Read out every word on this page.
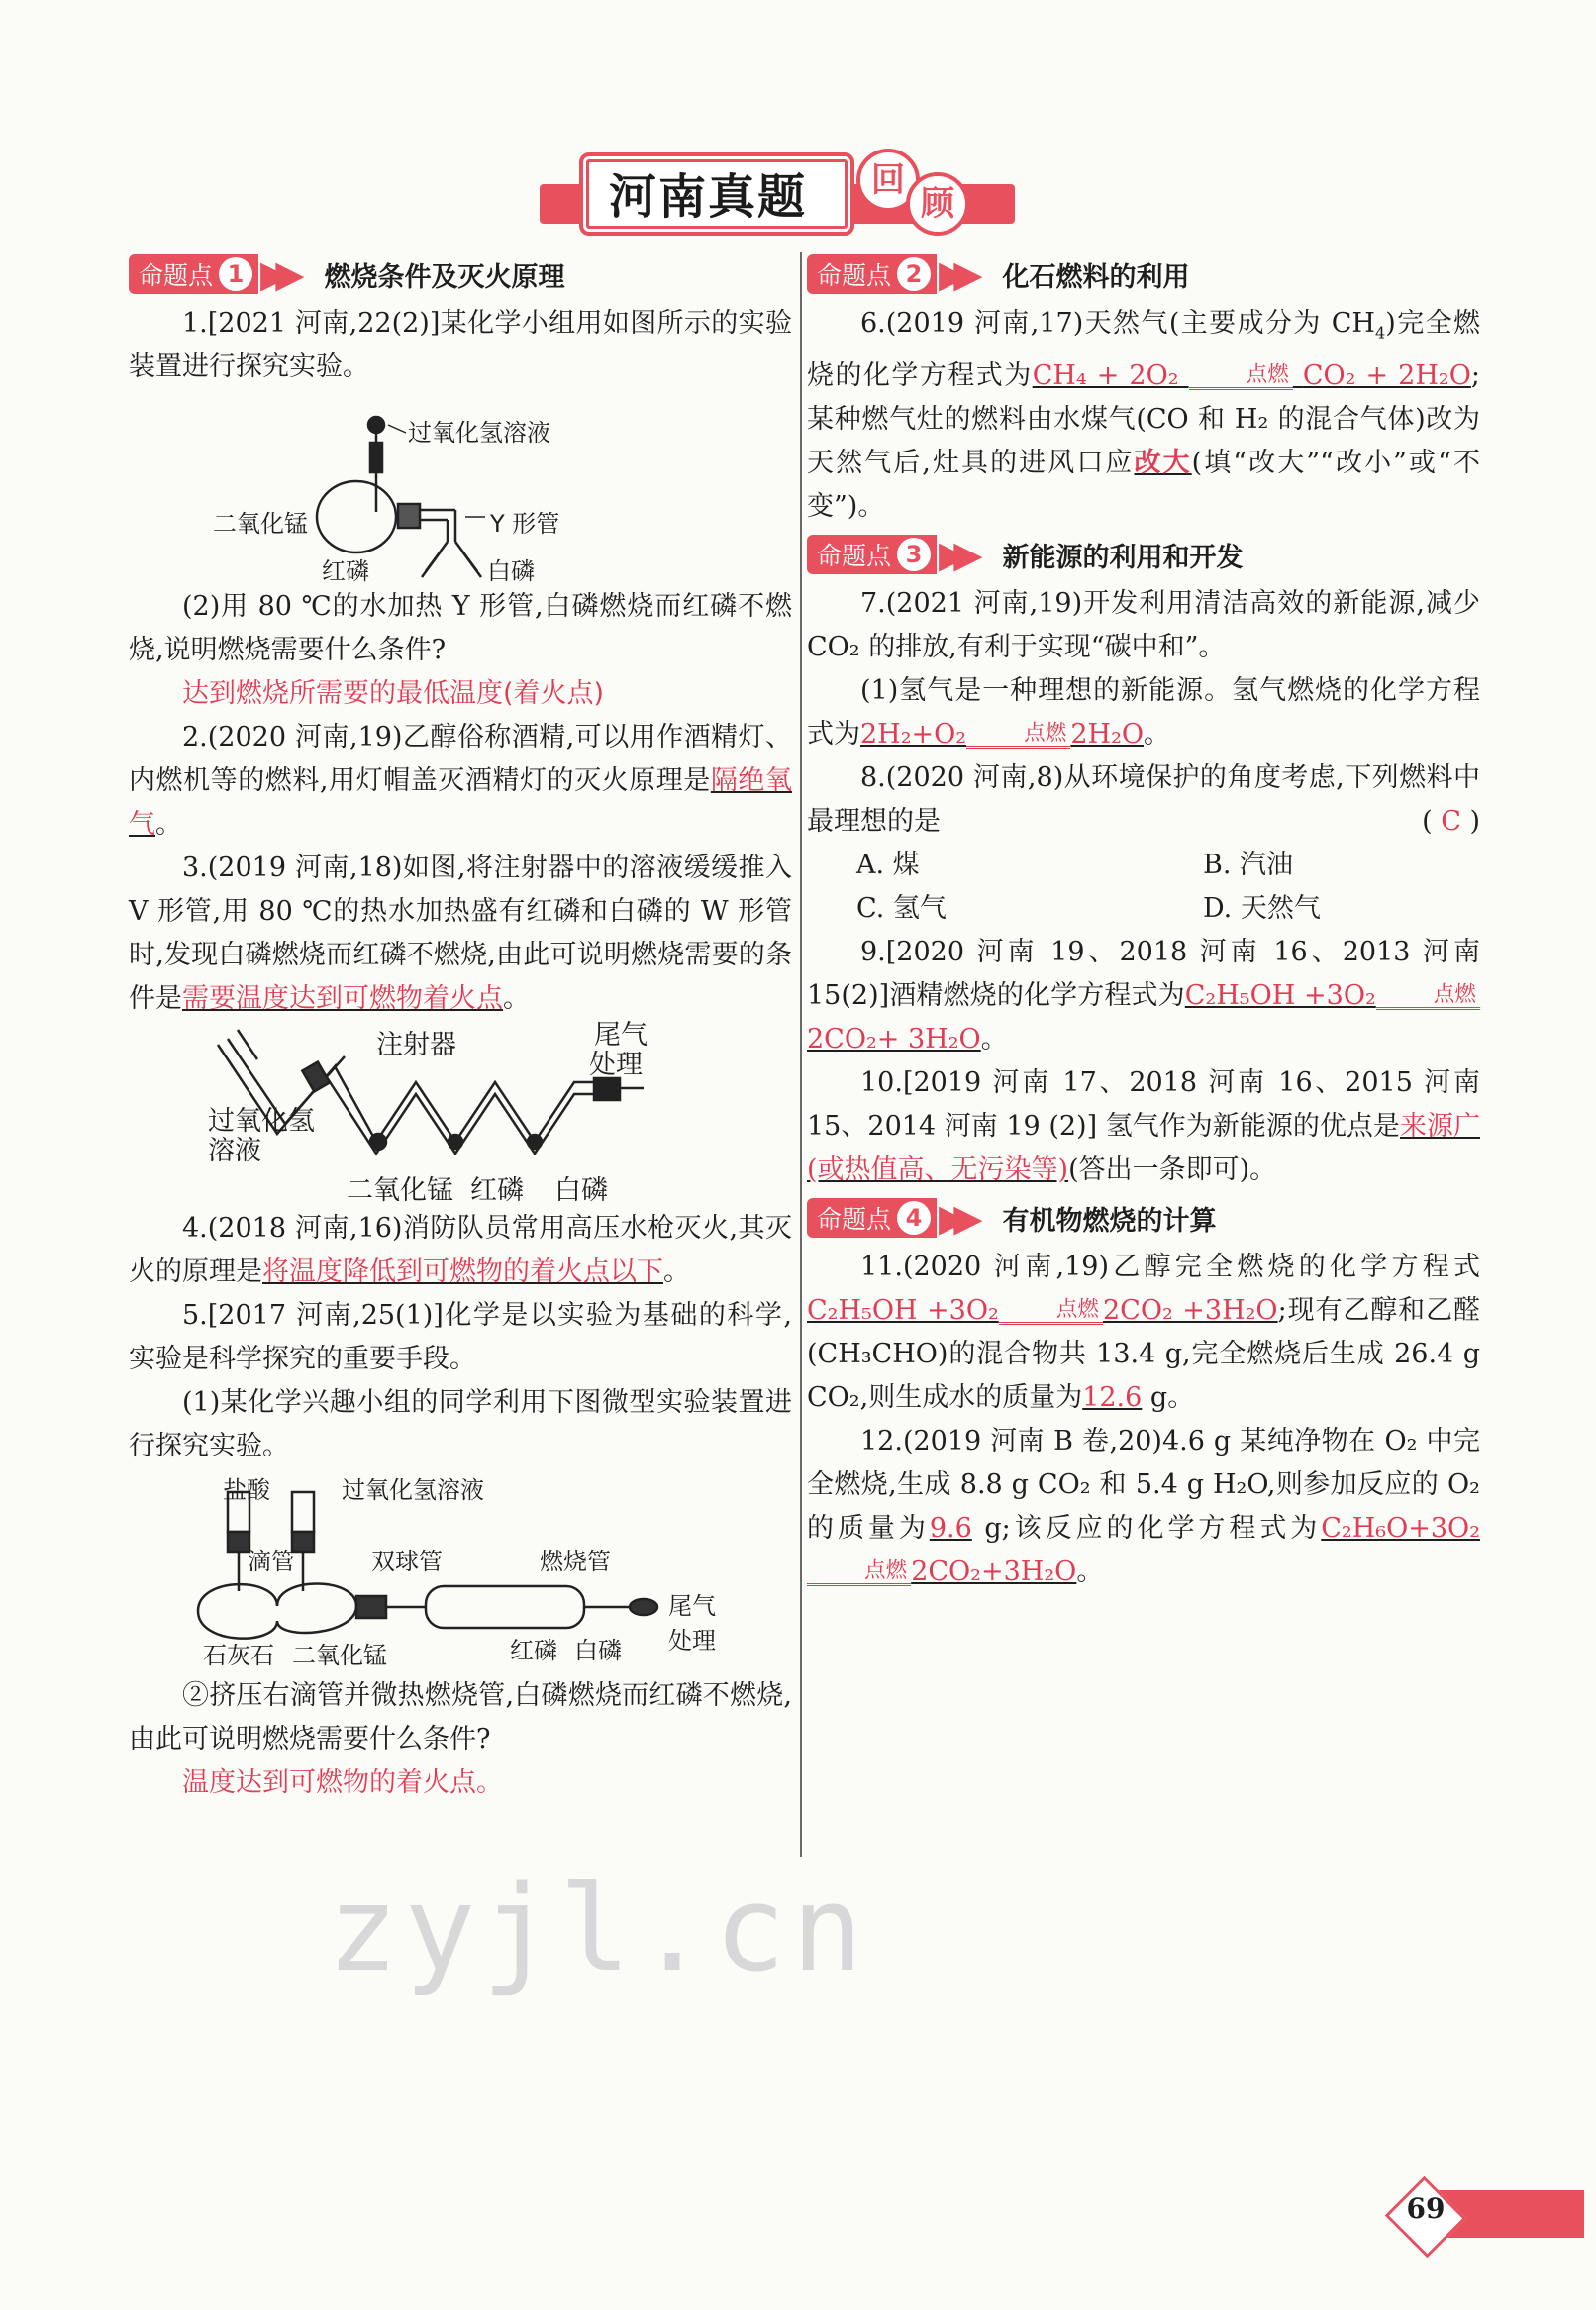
河南真题	回
顾
命题点 1 ▶▶ 燃烧条件及灭火原理

1.[2021 河南,22(2)]某化学小组用如图所示的实验装置进行探究实验。

过氧化氢溶液
二氧化锰	Y 形管
红磷	白磷

(2)用 80 ℃的水加热 Y 形管,白磷燃烧而红磷不燃烧,说明燃烧需要什么条件?

达到燃烧所需要的最低温度(着火点)

2.(2020 河南,19)乙醇俗称酒精,可以用作酒精灯、内燃机等的燃料,用灯帽盖灭酒精灯的灭火原理是隔绝氧气。

3.(2019 河南,18)如图,将注射器中的溶液缓缓推入 V 形管,用 80 ℃的热水加热盛有红磷和白磷的 W 形管时,发现白磷燃烧而红磷不燃烧,由此可说明燃烧需要的条件是需要温度达到可燃物着火点。

注射器	尾气
处理
过氧化氢
溶液
二氧化锰 红磷 白磷

4.(2018 河南,16)消防队员常用高压水枪灭火,其灭火的原理是将温度降低到可燃物的着火点以下。

5.[2017 河南,25(1)]化学是以实验为基础的科学,实验是科学探究的重要手段。

(1)某化学兴趣小组的同学利用下图微型实验装置进行探究实验。

盐酸	过氧化氢溶液
滴管	双球管	燃烧管
尾气
处理
石灰石 二氧化锰	红磷 白磷

②挤压右滴管并微热燃烧管,白磷燃烧而红磷不燃烧,由此可说明燃烧需要什么条件?

温度达到可燃物的着火点。
命题点 2 ▶▶ 化石燃料的利用

6.(2019 河南,17)天然气(主要成分为 $CH_4$)完全燃烧的化学方程式为CH₄ + 2O₂	点燃 CO₂ + 2H₂O;某种燃气灶的燃料由水煤气(CO 和 H₂ 的混合气体)改为天然气后,灶具的进风口应改大(填“改大”“改小”或“不变”)。

命题点 3 ▶▶ 新能源的利用和开发

7.(2021 河南,19)开发利用清洁高效的新能源,减少 CO₂ 的排放,有利于实现“碳中和”。

(1)氢气是一种理想的新能源。氢气燃烧的化学方程式为2H₂+O₂	点燃 2H₂O。

8.(2020 河南,8)从环境保护的角度考虑,下列燃料中最理想的是	( C )

A. 煤	B. 汽油
C. 氢气	D. 天然气

9.[2020 河南 19、2018 河南 16、2013 河南 15(2)]酒精燃烧的化学方程式为C₂H₅OH +3O₂	点燃
2CO₂+ 3H₂O。

10.[2019 河南 17、2018 河南 16、2015 河南 15、2014 河南 19 (2)] 氢气作为新能源的优点是来源广(或热值高、无污染等)(答出一条即可)。

命题点 4 ▶▶ 有机物燃烧的计算

11.(2020 河南,19)乙醇完全燃烧的化学方程式C₂H₅OH +3O₂	点燃 2CO₂ +3H₂O;现有乙醇和乙醛(CH₃CHO)的混合物共 13.4 g,完全燃烧后生成 26.4 g CO₂,则生成水的质量为12.6 g。

12.(2019 河南 B 卷,20)4.6 g 某纯净物在 O₂ 中完全燃烧,生成 8.8 g CO₂ 和 5.4 g H₂O,则参加反应的 O₂ 的质量为9.6 g;该反应的化学方程式为C₂H₆O+3O₂
点燃 2CO₂+3H₂O。

zyjl.cn
69
